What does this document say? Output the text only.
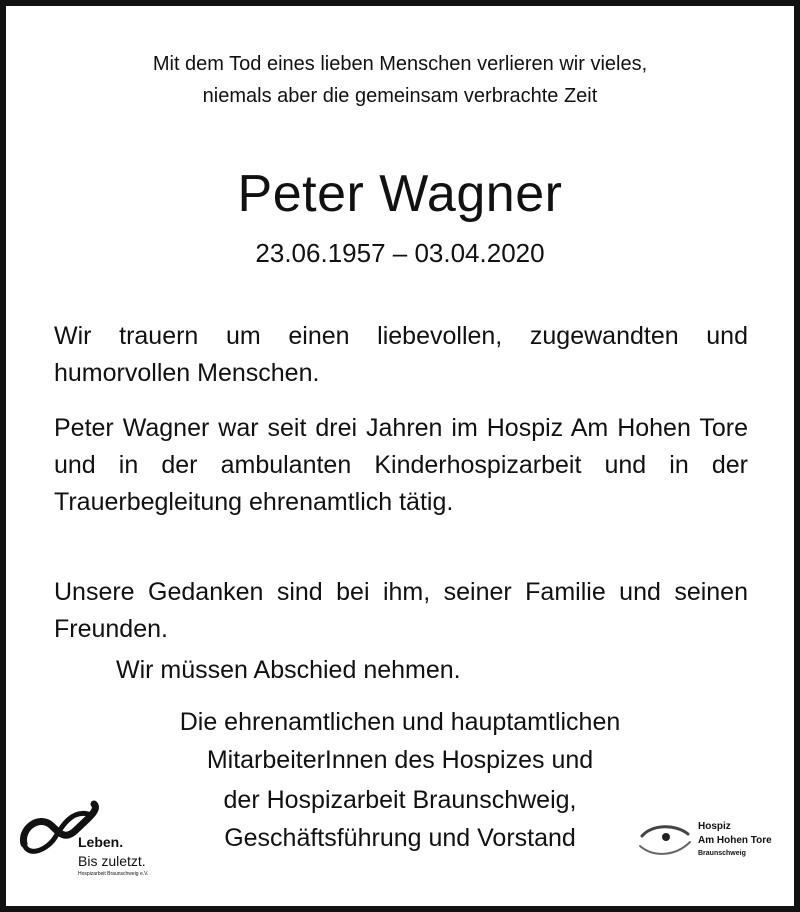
Mit dem Tod eines lieben Menschen verlieren wir vieles,
niemals aber die gemeinsam verbrachte Zeit
Peter Wagner
23.06.1957 – 03.04.2020
Wir trauern um einen liebevollen, zugewandten und humorvollen Menschen.
Peter Wagner war seit drei Jahren im Hospiz Am Hohen Tore und in der ambulanten Kinderhospizarbeit und in der Trauerbegleitung ehrenamtlich tätig.
Unsere Gedanken sind bei ihm, seiner Familie und seinen Freunden.
Wir müssen Abschied nehmen.
Die ehrenamtlichen und hauptamtlichen
MitarbeiterInnen des Hospizes und
der Hospizarbeit Braunschweig,
Geschäftsführung und Vorstand
Leben.
Bis zuletzt.
Hospizarbeit Braunschweig e.V.
Hospiz
Am Hohen Tore
Braunschweig
